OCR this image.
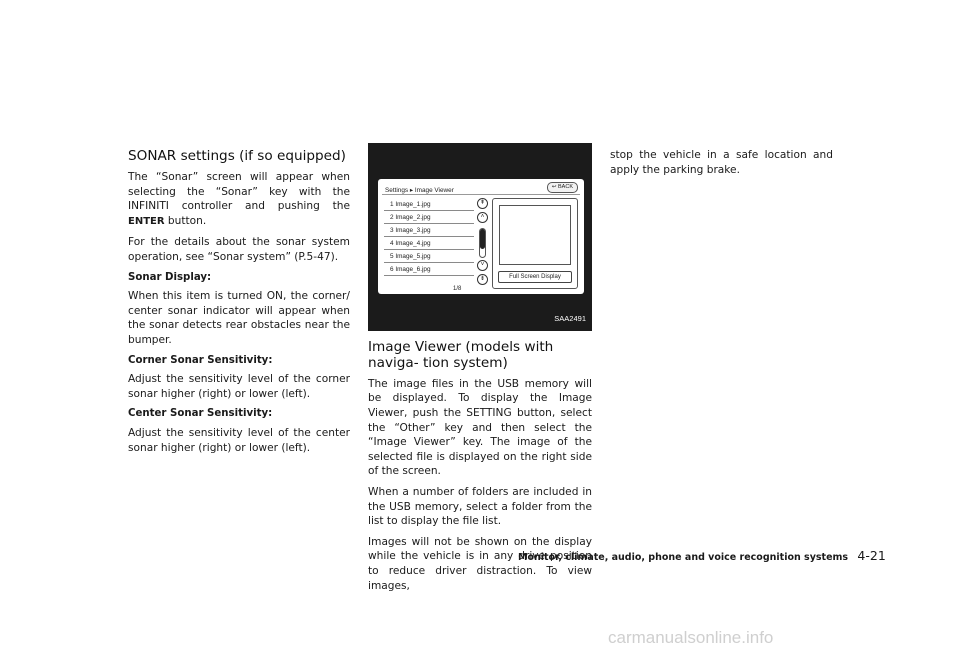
SONAR settings (if so equipped)

The “Sonar” screen will appear when selecting the “Sonar” key with the INFINITI controller and pushing the ENTER button.

For the details about the sonar system operation, see “Sonar system” (P.5-47).

Sonar Display:

When this item is turned ON, the corner/ center sonar indicator will appear when the sonar detects rear obstacles near the bumper.

Corner Sonar Sensitivity:

Adjust the sensitivity level of the corner sonar higher (right) or lower (left).

Center Sonar Sensitivity:

Adjust the sensitivity level of the center sonar higher (right) or lower (left).

Settings ▸ Image Viewer	↩ BACK
1 Image_1.jpg
2 Image_2.jpg
3 Image_3.jpg
4 Image_4.jpg
5 Image_5.jpg
6 Image_6.jpg
1/8
⇞
˄
˅
⇟	Full Screen Display
SAA2491
Image Viewer (models with naviga- tion system)

The image files in the USB memory will be displayed. To display the Image Viewer, push the SETTING button, select the “Other” key and then select the “Image Viewer” key. The image of the selected file is displayed on the right side of the screen.

When a number of folders are included in the USB memory, select a folder from the list to display the file list.

Images will not be shown on the display while the vehicle is in any drive position to reduce driver distraction. To view images,

stop the vehicle in a safe location and apply the parking brake.

Monitor, climate, audio, phone and voice recognition systems 4-21
carmanualsonline.info
